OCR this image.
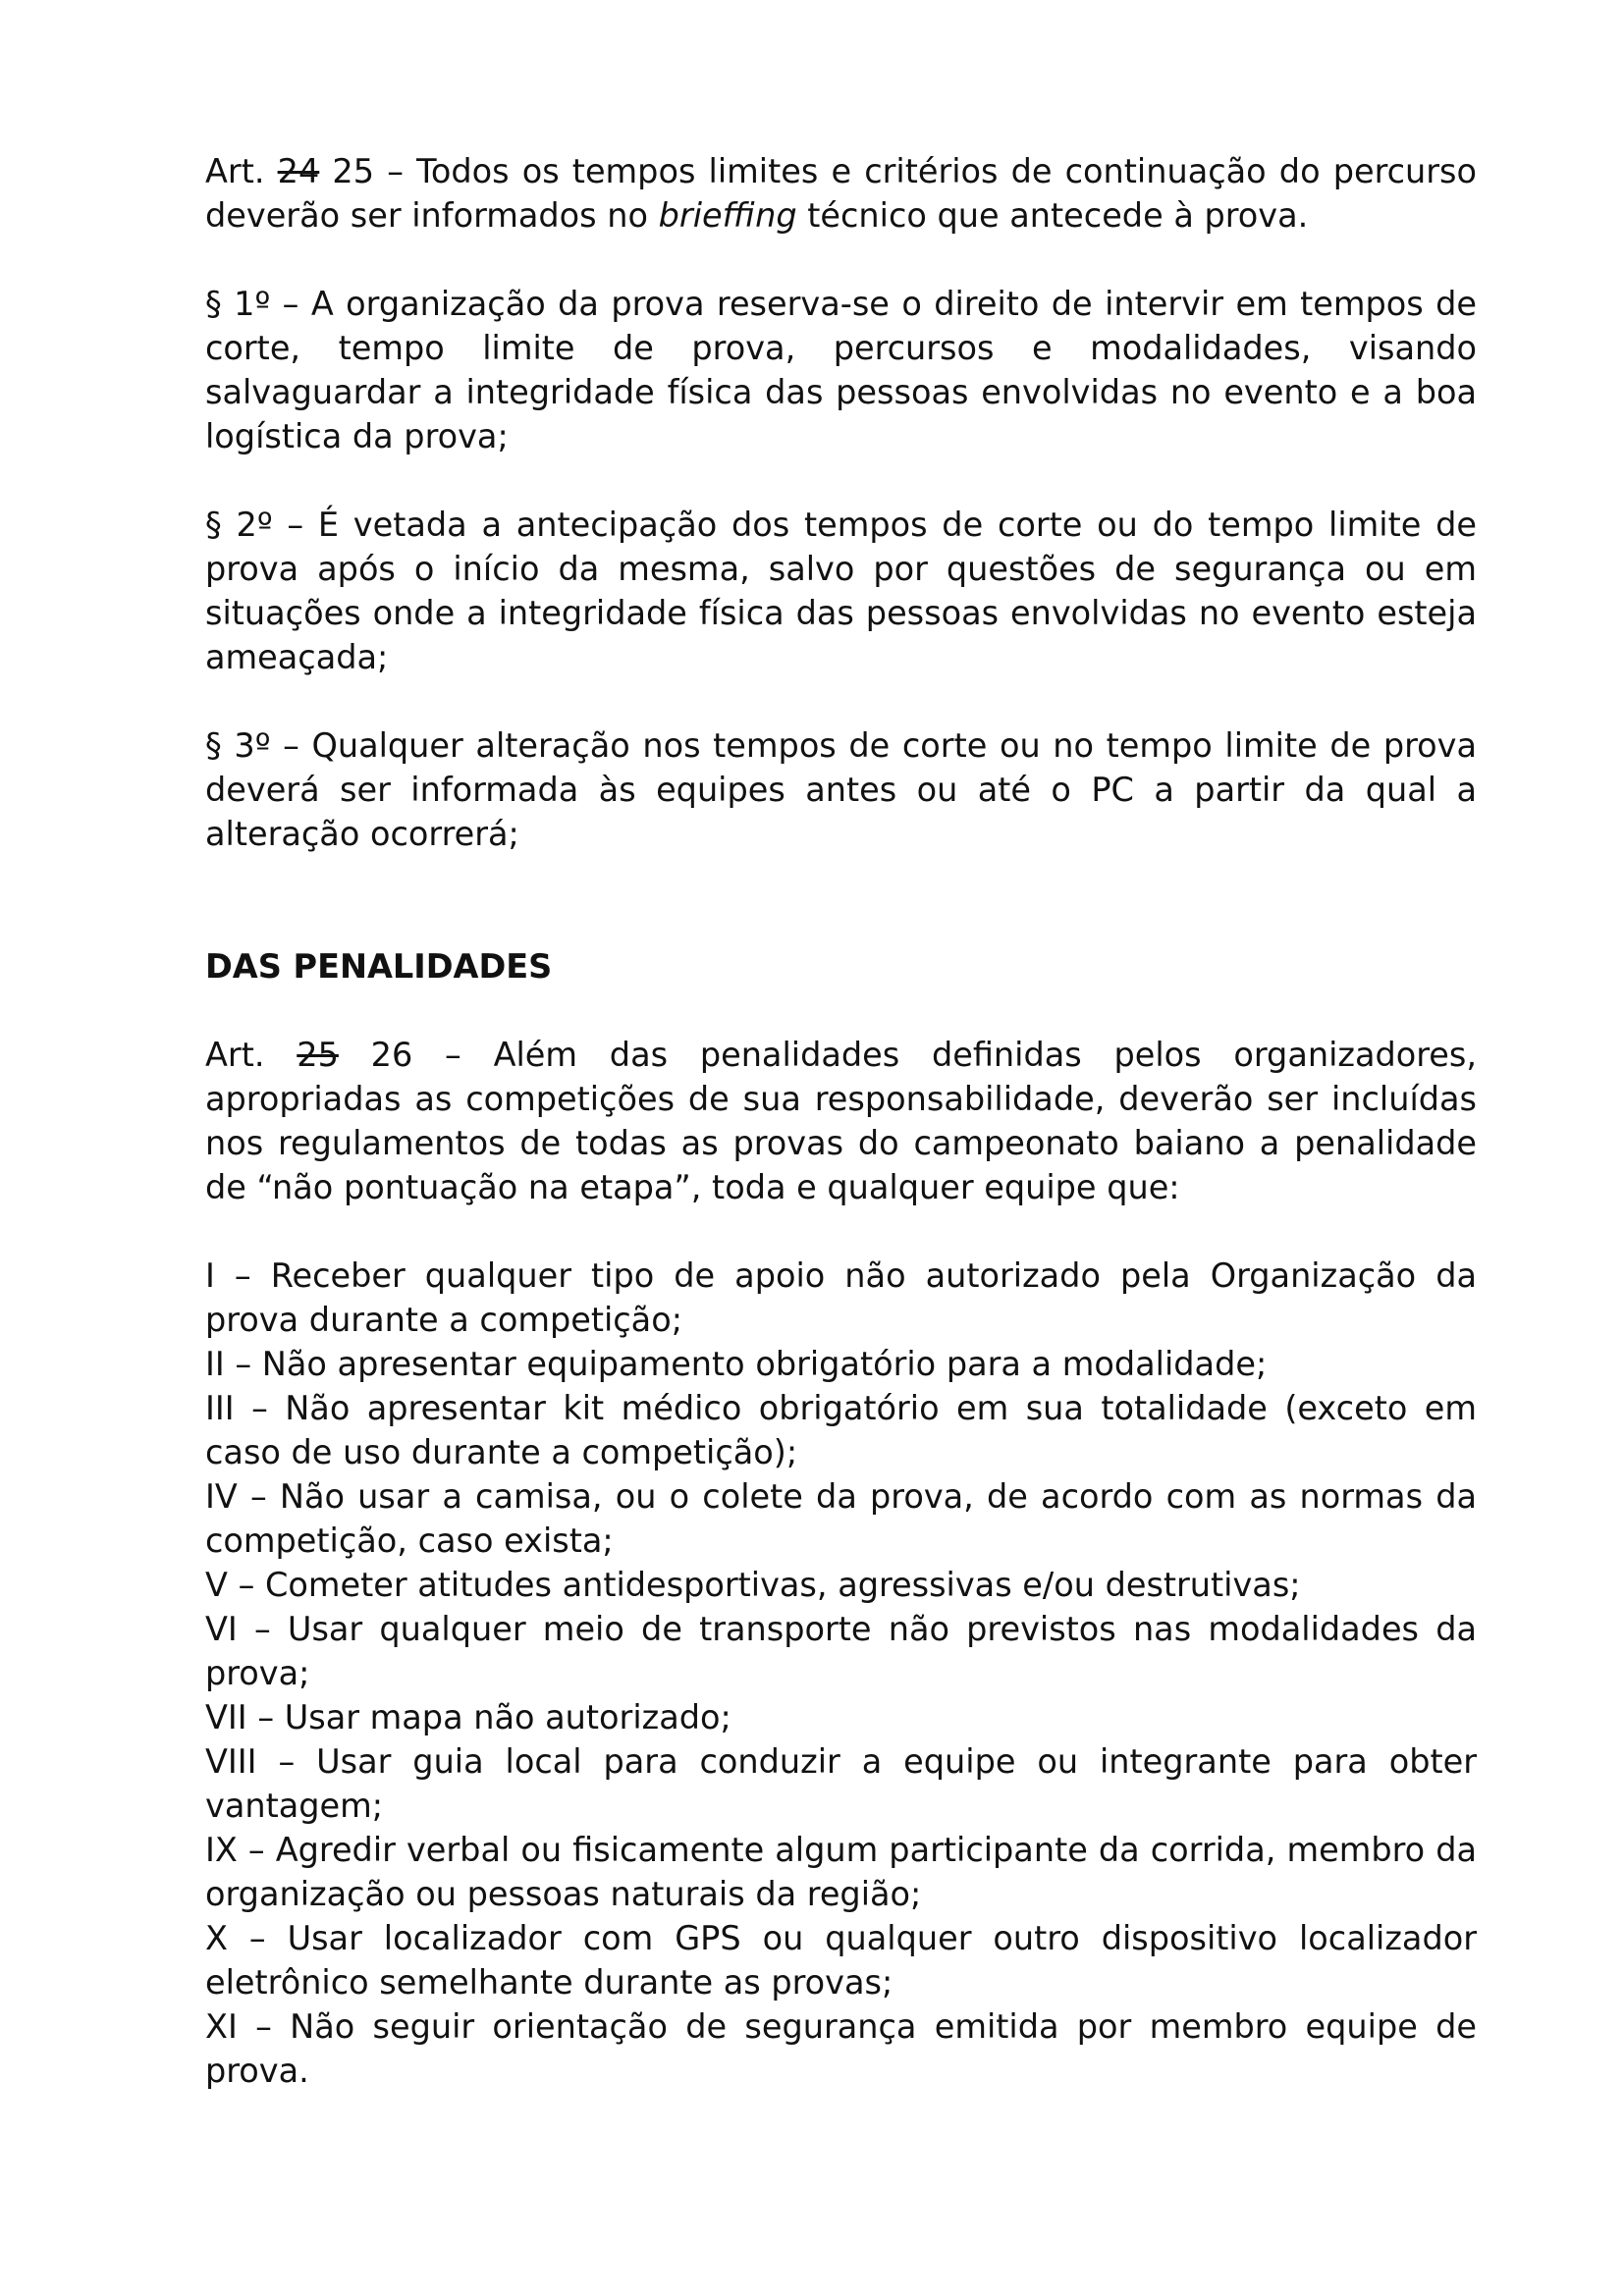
Art. 24 25 – Todos os tempos limites e critérios de continuação do percurso deverão ser informados no brieffing técnico que antecede à prova.

§ 1º – A organização da prova reserva-se o direito de intervir em tempos de corte, tempo limite de prova, percursos e modalidades, visando salvaguardar a integridade física das pessoas envolvidas no evento e a boa logística da prova;

§ 2º – É vetada a antecipação dos tempos de corte ou do tempo limite de prova após o início da mesma, salvo por questões de segurança ou em situações onde a integridade física das pessoas envolvidas no evento esteja ameaçada;

§ 3º – Qualquer alteração nos tempos de corte ou no tempo limite de prova deverá ser informada às equipes antes ou até o PC a partir da qual a alteração ocorrerá;

DAS PENALIDADES

Art. 25 26 – Além das penalidades definidas pelos organizadores, apropriadas as competições de sua responsabilidade, deverão ser incluídas nos regulamentos de todas as provas do campeonato baiano a penalidade de “não pontuação na etapa”, toda e qualquer equipe que:

I – Receber qualquer tipo de apoio não autorizado pela Organização da prova durante a competição;

II – Não apresentar equipamento obrigatório para a modalidade;

III – Não apresentar kit médico obrigatório em sua totalidade (exceto em caso de uso durante a competição);

IV – Não usar a camisa, ou o colete da prova, de acordo com as normas da competição, caso exista;

V – Cometer atitudes antidesportivas, agressivas e/ou destrutivas;

VI – Usar qualquer meio de transporte não previstos nas modalidades da prova;

VII – Usar mapa não autorizado;

VIII – Usar guia local para conduzir a equipe ou integrante para obter vantagem;

IX – Agredir verbal ou fisicamente algum participante da corrida, membro da organização ou pessoas naturais da região;

X – Usar localizador com GPS ou qualquer outro dispositivo localizador eletrônico semelhante durante as provas;

XI – Não seguir orientação de segurança emitida por membro equipe de prova.
